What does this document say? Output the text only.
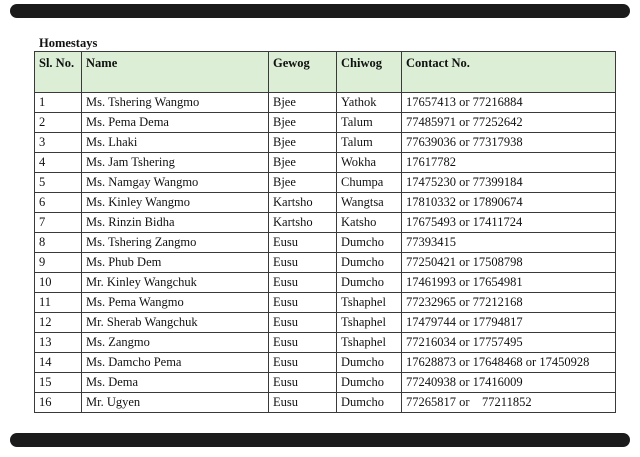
Homestays
Sl. No.	Name	Gewog	Chiwog	Contact No.
1	Ms. Tshering Wangmo	Bjee	Yathok	17657413 or 77216884
2	Ms. Pema Dema	Bjee	Talum	77485971 or 77252642
3	Ms. Lhaki	Bjee	Talum	77639036 or 77317938
4	Ms. Jam Tshering	Bjee	Wokha	17617782
5	Ms. Namgay Wangmo	Bjee	Chumpa	17475230 or 77399184
6	Ms. Kinley Wangmo	Kartsho	Wangtsa	17810332 or 17890674
7	Ms. Rinzin Bidha	Kartsho	Katsho	17675493 or 17411724
8	Ms. Tshering Zangmo	Eusu	Dumcho	77393415
9	Ms. Phub Dem	Eusu	Dumcho	77250421 or 17508798
10	Mr. Kinley Wangchuk	Eusu	Dumcho	17461993 or 17654981
11	Ms. Pema Wangmo	Eusu	Tshaphel	77232965 or 77212168
12	Mr. Sherab Wangchuk	Eusu	Tshaphel	17479744 or 17794817
13	Ms. Zangmo	Eusu	Tshaphel	77216034 or 17757495
14	Ms. Damcho Pema	Eusu	Dumcho	17628873 or 17648468 or 17450928
15	Ms. Dema	Eusu	Dumcho	77240938 or 17416009
16	Mr. Ugyen	Eusu	Dumcho	77265817 or    77211852
